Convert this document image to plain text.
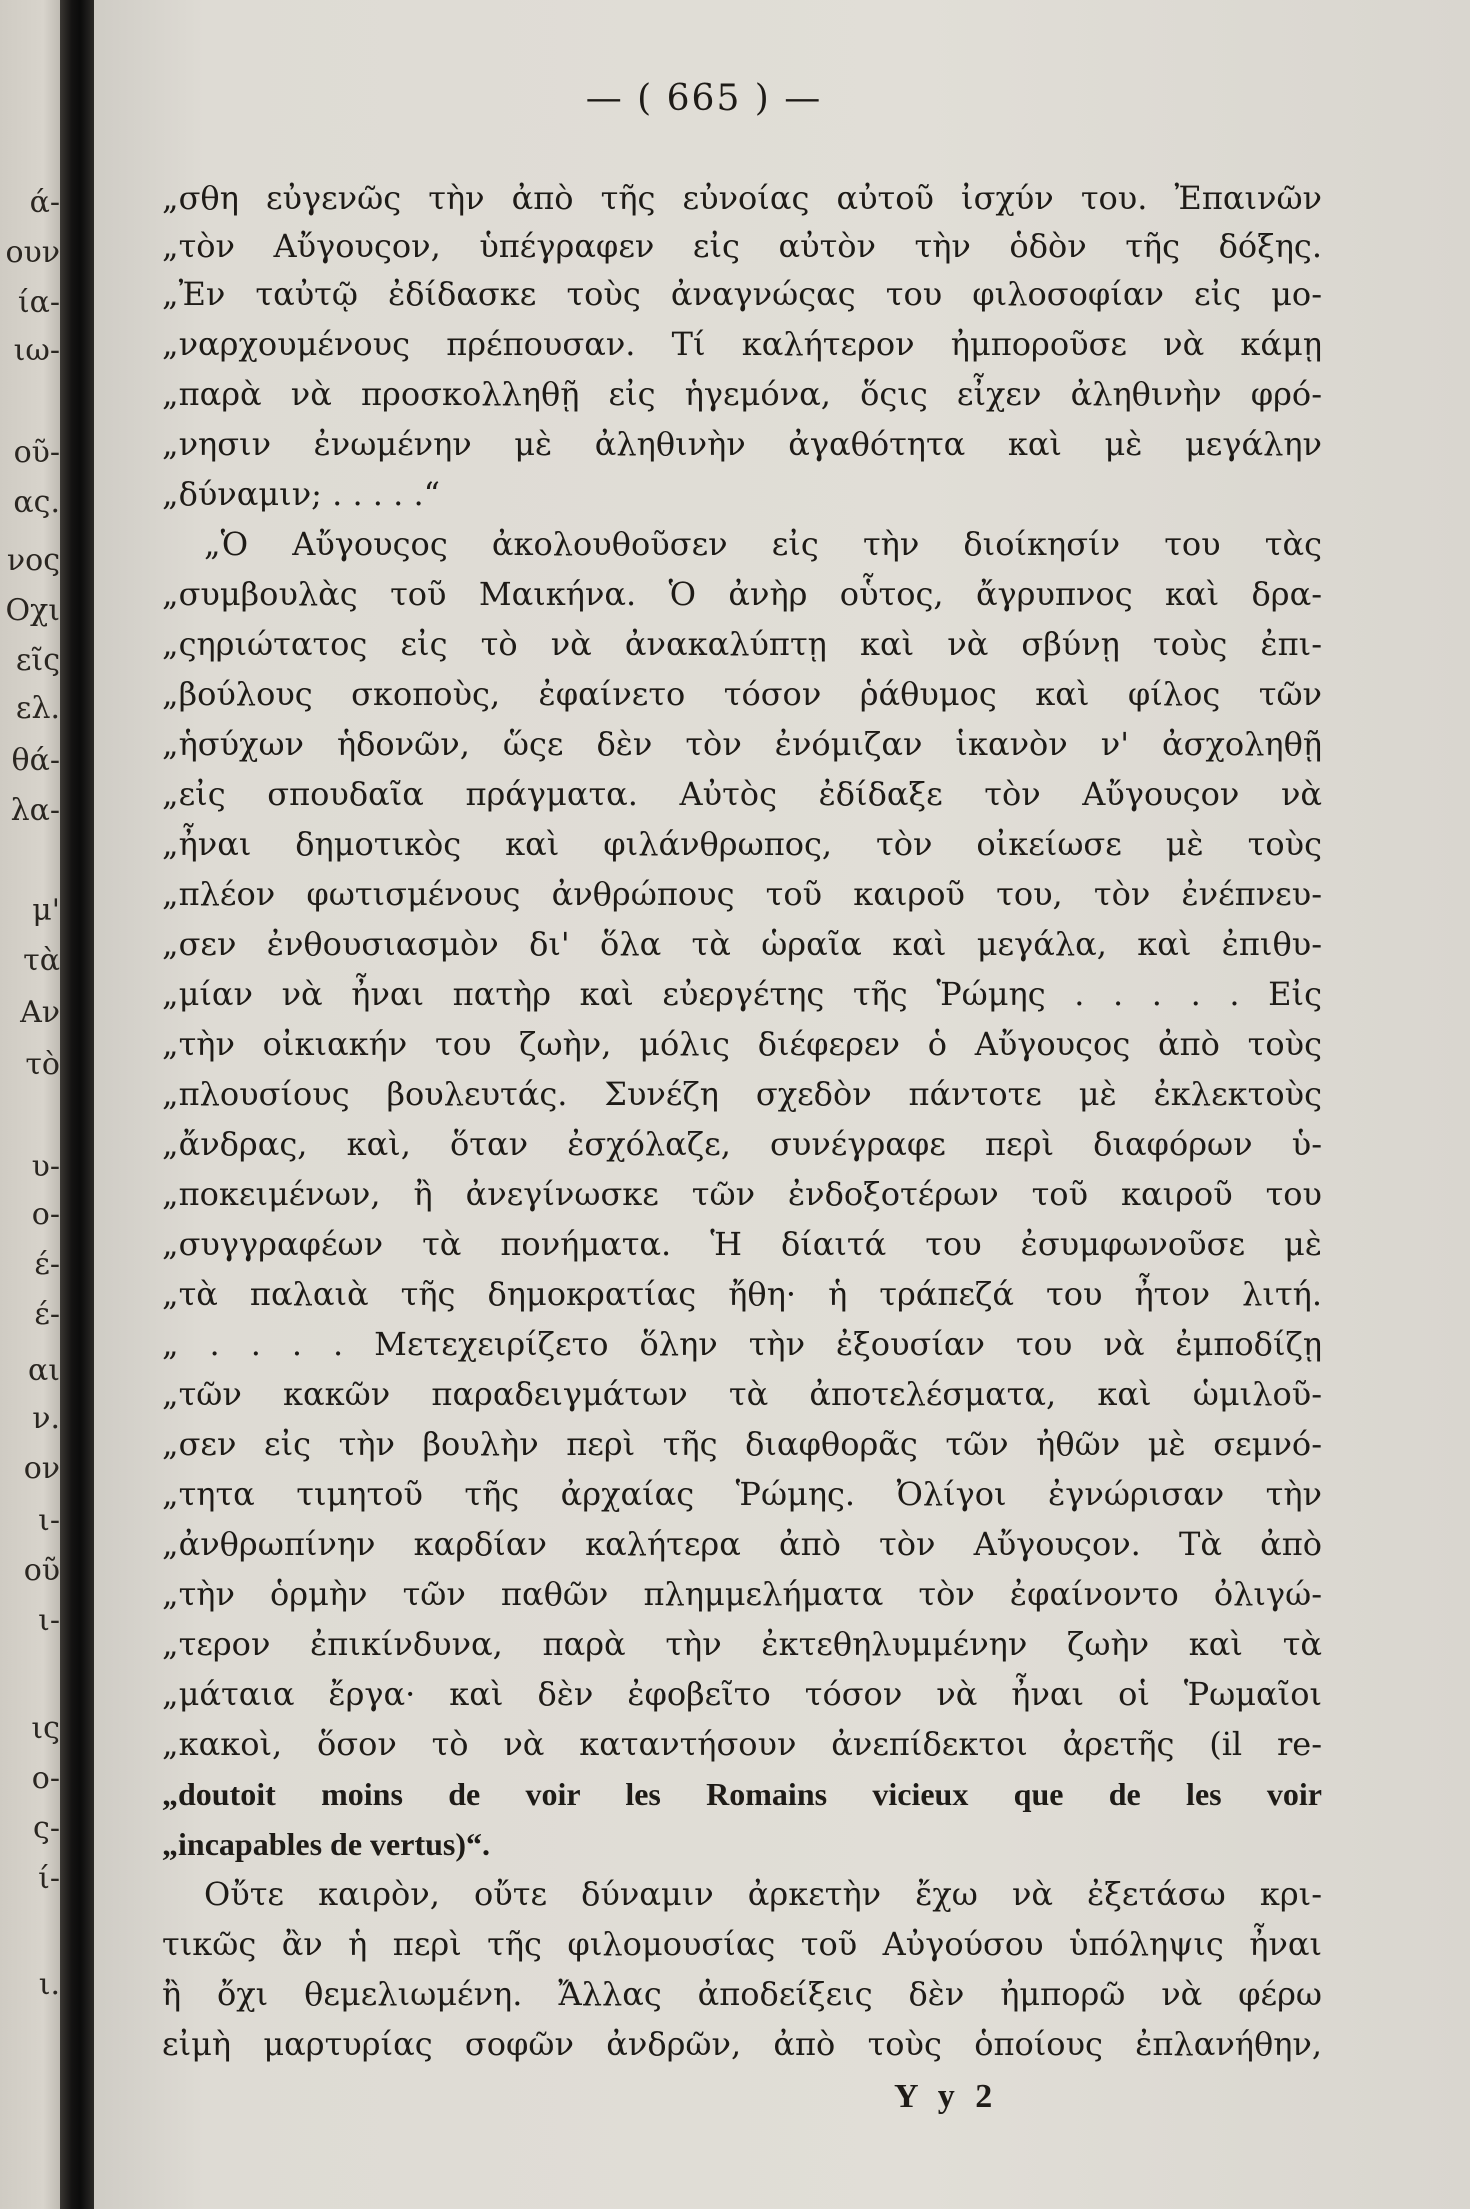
ά-
ουν
ία-
ιω-
οῦ-
ας.
νος
Οχι
εῖς
ελ.
θά-
λα-
μ'
τὰ
Αν
τὸ
υ-
ο-
έ-
έ-
αι
ν.
ον
ι-
οῦ
ι-
ις
ο-
ς-
ί-
ι.
— ( 665 ) —
„σθη εὐγενῶς τὴν ἀπὸ τῆς εὐνοίας αὐτοῦ ἰσχύν του. Ἐπαινῶν
„τὸν Αὔγουςον, ὑπέγραφεν εἰς αὐτὸν τὴν ὁδὸν τῆς δόξης.
„Ἐν ταὐτῷ ἐδίδασκε τοὺς ἀναγνώςας του φιλοσοφίαν εἰς μο-
„ναρχουμένους πρέπουσαν. Τί καλήτερον ἠμποροῦσε νὰ κάμῃ
„παρὰ νὰ προσκολληθῇ εἰς ἡγεμόνα, ὅςις εἶχεν ἀληθινὴν φρό-
„νησιν ἐνωμένην μὲ ἀληθινὴν ἀγαθότητα καὶ μὲ μεγάλην
„δύναμιν; . . . . .“
„Ὁ Αὔγουςος ἀκολουθοῦσεν εἰς τὴν διοίκησίν του τὰς
„συμβουλὰς τοῦ Μαικήνα. Ὁ ἀνὴρ οὗτος, ἄγρυπνος καὶ δρα-
„ςηριώτατος εἰς τὸ νὰ ἀνακαλύπτῃ καὶ νὰ σβύνῃ τοὺς ἐπι-
„βούλους σκοποὺς, ἐφαίνετο τόσον ῥάθυμος καὶ φίλος τῶν
„ἡσύχων ἡδονῶν, ὥςε δὲν τὸν ἐνόμιζαν ἱκανὸν ν' ἀσχοληθῇ
„εἰς σπουδαῖα πράγματα. Αὐτὸς ἐδίδαξε τὸν Αὔγουςον νὰ
„ἦναι δημοτικὸς καὶ φιλάνθρωπος, τὸν οἰκείωσε μὲ τοὺς
„πλέον φωτισμένους ἀνθρώπους τοῦ καιροῦ του, τὸν ἐνέπνευ-
„σεν ἐνθουσιασμὸν δι' ὅλα τὰ ὡραῖα καὶ μεγάλα, καὶ ἐπιθυ-
„μίαν νὰ ἦναι πατὴρ καὶ εὐεργέτης τῆς Ῥώμης . . . . . Εἰς
„τὴν οἰκιακήν του ζωὴν, μόλις διέφερεν ὁ Αὔγουςος ἀπὸ τοὺς
„πλουσίους βουλευτάς. Συνέζη σχεδὸν πάντοτε μὲ ἐκλεκτοὺς
„ἄνδρας, καὶ, ὅταν ἐσχόλαζε, συνέγραφε περὶ διαφόρων ὑ-
„ποκειμένων, ἢ ἀνεγίνωσκε τῶν ἐνδοξοτέρων τοῦ καιροῦ του
„συγγραφέων τὰ πονήματα. Ἡ δίαιτά του ἐσυμφωνοῦσε μὲ
„τὰ παλαιὰ τῆς δημοκρατίας ἤθη· ἡ τράπεζά του ἦτον λιτή.
„ . . . . Μετεχειρίζετο ὅλην τὴν ἐξουσίαν του νὰ ἐμποδίζῃ
„τῶν κακῶν παραδειγμάτων τὰ ἀποτελέσματα, καὶ ὡμιλοῦ-
„σεν εἰς τὴν βουλὴν περὶ τῆς διαφθορᾶς τῶν ἠθῶν μὲ σεμνό-
„τητα τιμητοῦ τῆς ἀρχαίας Ῥώμης. Ὀλίγοι ἐγνώρισαν τὴν
„ἀνθρωπίνην καρδίαν καλήτερα ἀπὸ τὸν Αὔγουςον. Τὰ ἀπὸ
„τὴν ὁρμὴν τῶν παθῶν πλημμελήματα τὸν ἐφαίνοντο ὀλιγώ-
„τερον ἐπικίνδυνα, παρὰ τὴν ἐκτεθηλυμμένην ζωὴν καὶ τὰ
„μάταια ἔργα· καὶ δὲν ἐφοβεῖτο τόσον νὰ ἦναι οἱ Ῥωμαῖοι
„κακοὶ, ὅσον τὸ νὰ καταντήσουν ἀνεπίδεκτοι ἀρετῆς (il re-
„doutoit moins de voir les Romains vicieux que de les voir
„incapables de vertus)“.
Οὔτε καιρὸν, οὔτε δύναμιν ἀρκετὴν ἔχω νὰ ἐξετάσω κρι-
τικῶς ἂν ἡ περὶ τῆς φιλομουσίας τοῦ Αὐγούσου ὑπόληψις ἦναι
ἢ ὄχι θεμελιωμένη. Ἄλλας ἀποδείξεις δὲν ἠμπορῶ νὰ φέρω
εἰμὴ μαρτυρίας σοφῶν ἀνδρῶν, ἀπὸ τοὺς ὁποίους ἐπλανήθην,
Y y 2
